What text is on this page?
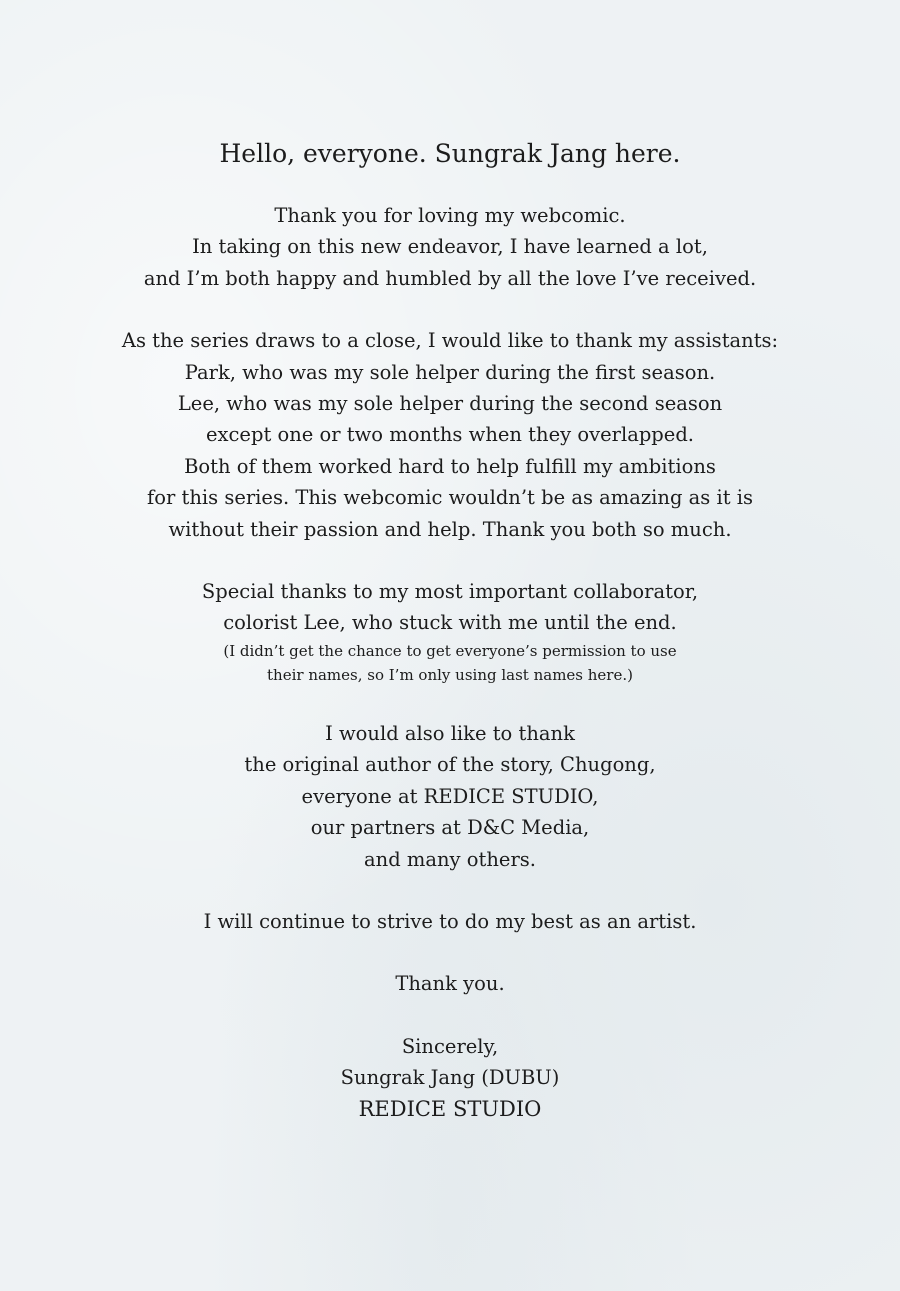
Hello, everyone. Sungrak Jang here.

Thank you for loving my webcomic.
In taking on this new endeavor, I have learned a lot,
and I’m both happy and humbled by all the love I’ve received.

As the series draws to a close, I would like to thank my assistants:
Park, who was my sole helper during the first season.
Lee, who was my sole helper during the second season
except one or two months when they overlapped.
Both of them worked hard to help fulfill my ambitions
for this series. This webcomic wouldn’t be as amazing as it is
without their passion and help. Thank you both so much.

Special thanks to my most important collaborator,
colorist Lee, who stuck with me until the end.

(I didn’t get the chance to get everyone’s permission to use
their names, so I’m only using last names here.)

I would also like to thank
the original author of the story, Chugong,
everyone at REDICE STUDIO,
our partners at D&C Media,
and many others.

I will continue to strive to do my best as an artist.

Thank you.

Sincerely,
Sungrak Jang (DUBU)
REDICE STUDIO
